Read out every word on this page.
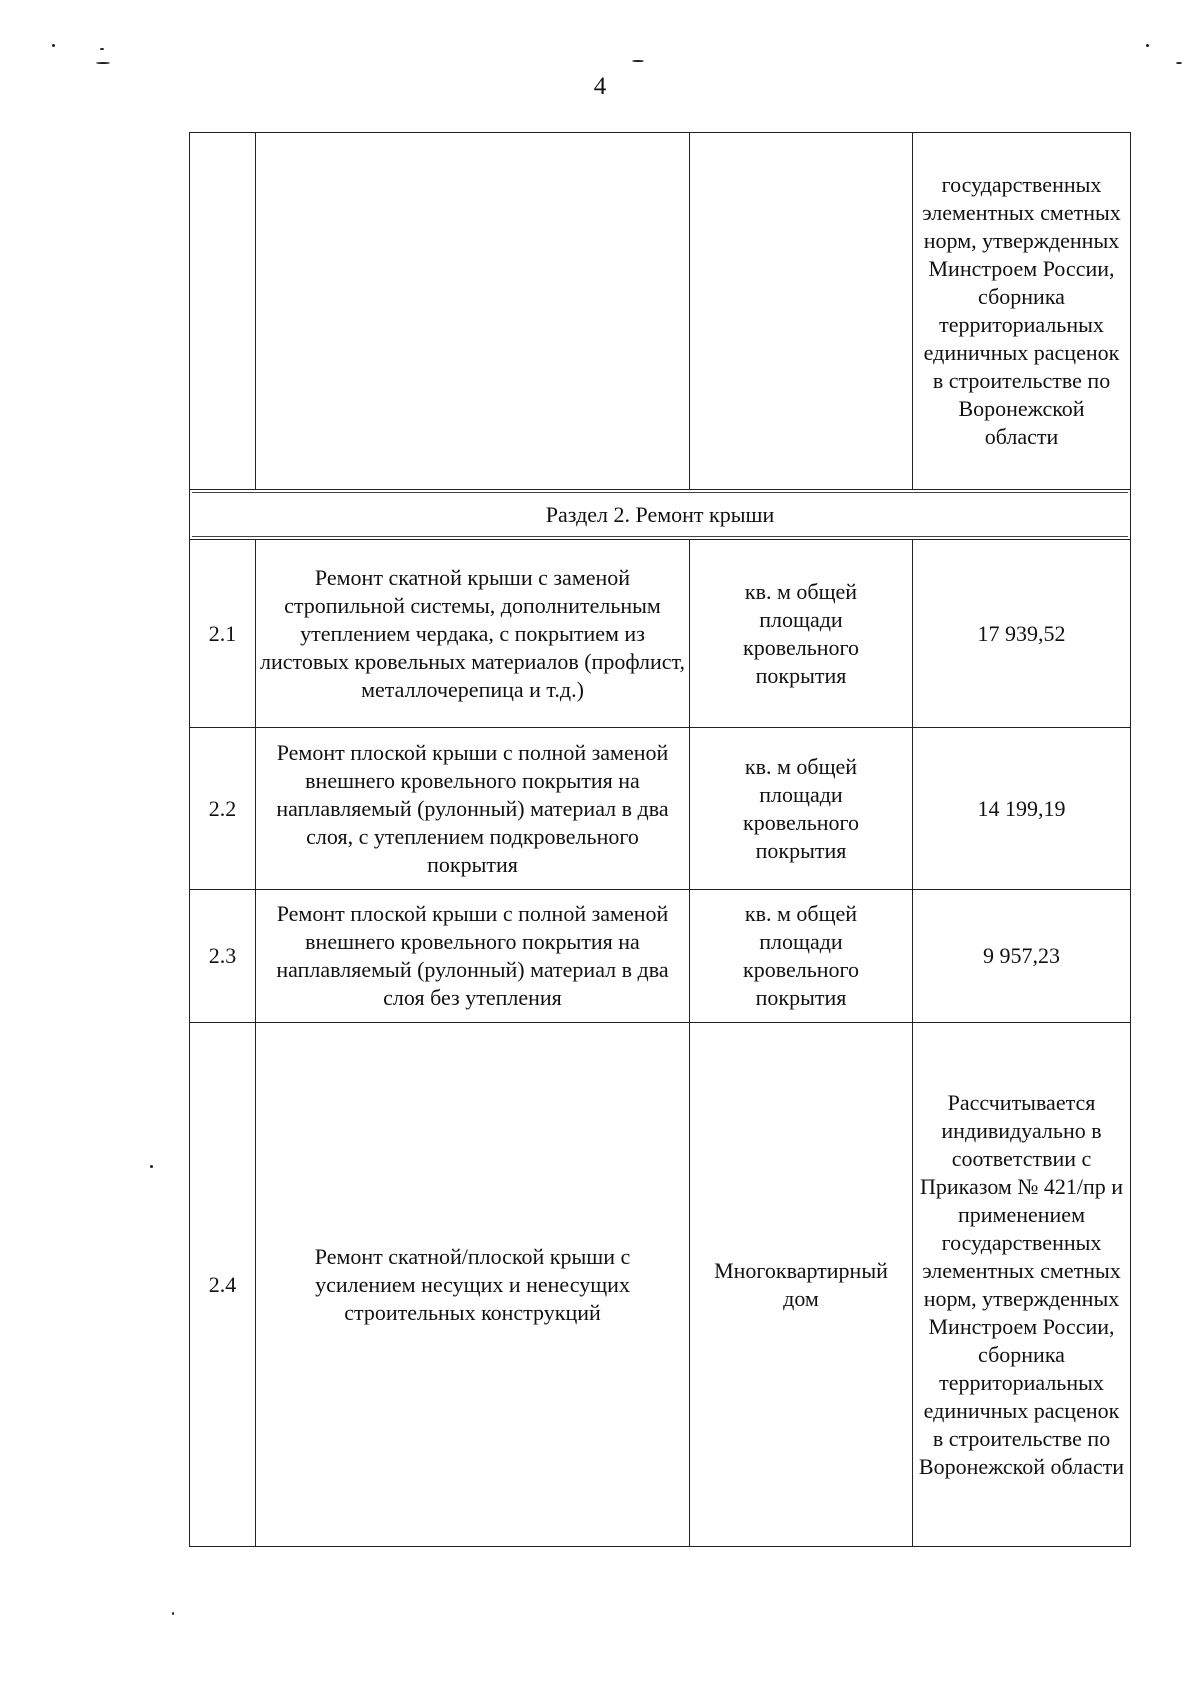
4
			государственных элементных сметных норм, утвержденных Минстроем России, сборника территориальных единичных расценок в строительстве по Воронежской области

Раздел 2. Ремонт крыши			
2.1	Ремонт скатной крыши с заменой стропильной системы, дополнительным утеплением чердака, с покрытием из листовых кровельных материалов (профлист, металлочерепица и т.д.)	кв. м общей площади кровельного покрытия	17 939,52
2.2	Ремонт плоской крыши с полной заменой внешнего кровельного покрытия на наплавляемый (рулонный) материал в два слоя, с утеплением подкровельного покрытия	кв. м общей площади кровельного покрытия	14 199,19
2.3	Ремонт плоской крыши с полной заменой внешнего кровельного покрытия на наплавляемый (рулонный) материал в два слоя без утепления	кв. м общей площади кровельного покрытия	9 957,23
2.4	Ремонт скатной/плоской крыши с усилением несущих и ненесущих строительных конструкций	Многоквартирный дом	Рассчитывается индивидуально в соответствии с Приказом № 421/пр и применением государственных элементных сметных норм, утвержденных Минстроем России, сборника территориальных единичных расценок в строительстве по Воронежской области
